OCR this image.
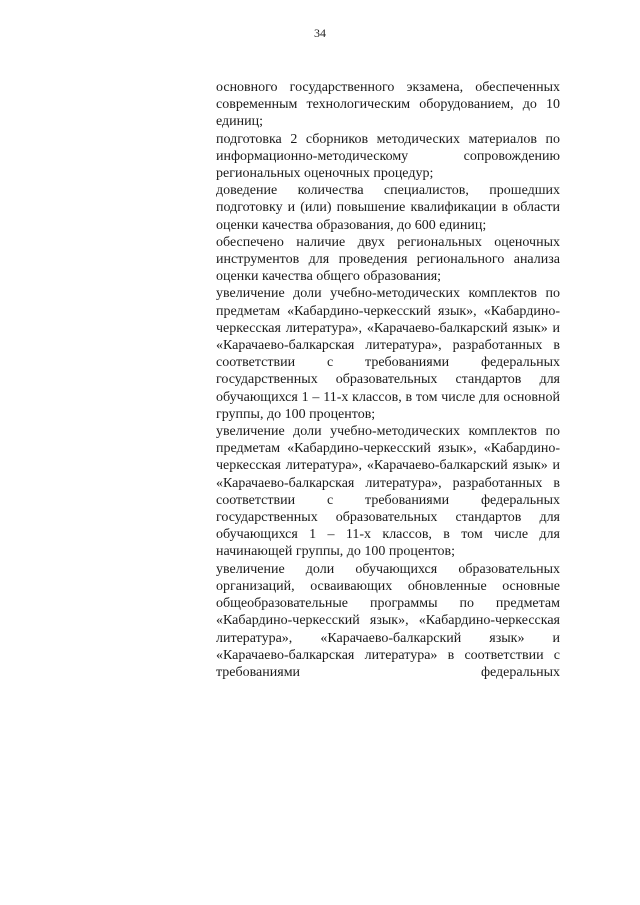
34

основного государственного экзамена, обеспеченных современным технологическим оборудованием, до 10 единиц;

подготовка 2 сборников методических материалов по информационно-методическому сопровождению региональных оценочных процедур;

доведение количества специалистов, прошедших подготовку и (или) повышение квалификации в области оценки качества образования, до 600 единиц;

обеспечено наличие двух региональных оценочных инструментов для проведения регионального анализа оценки качества общего образования;

увеличение доли учебно-методических комплектов по предметам «Кабардино-черкесский язык», «Кабардино-черкесская литература», «Карачаево-балкарский язык» и «Карачаево-балкарская литература», разработанных в соответствии с требованиями федеральных государственных образовательных стандартов для обучающихся 1 – 11-х классов, в том числе для основной группы, до 100 процентов;

увеличение доли учебно-методических комплектов по предметам «Кабардино-черкесский язык», «Кабардино-черкесская литература», «Карачаево-балкарский язык» и «Карачаево-балкарская литература», разработанных в соответствии с требованиями федеральных государственных образовательных стандартов для обучающихся 1 – 11-х классов, в том числе для начинающей группы, до 100 процентов;

увеличение доли обучающихся образовательных организаций, осваивающих обновленные основные общеобразовательные программы по предметам «Кабардино-черкесский язык», «Кабардино-черкесская литература», «Карачаево-балкарский язык» и «Карачаево-балкарская литература» в соответствии с требованиями федеральных
